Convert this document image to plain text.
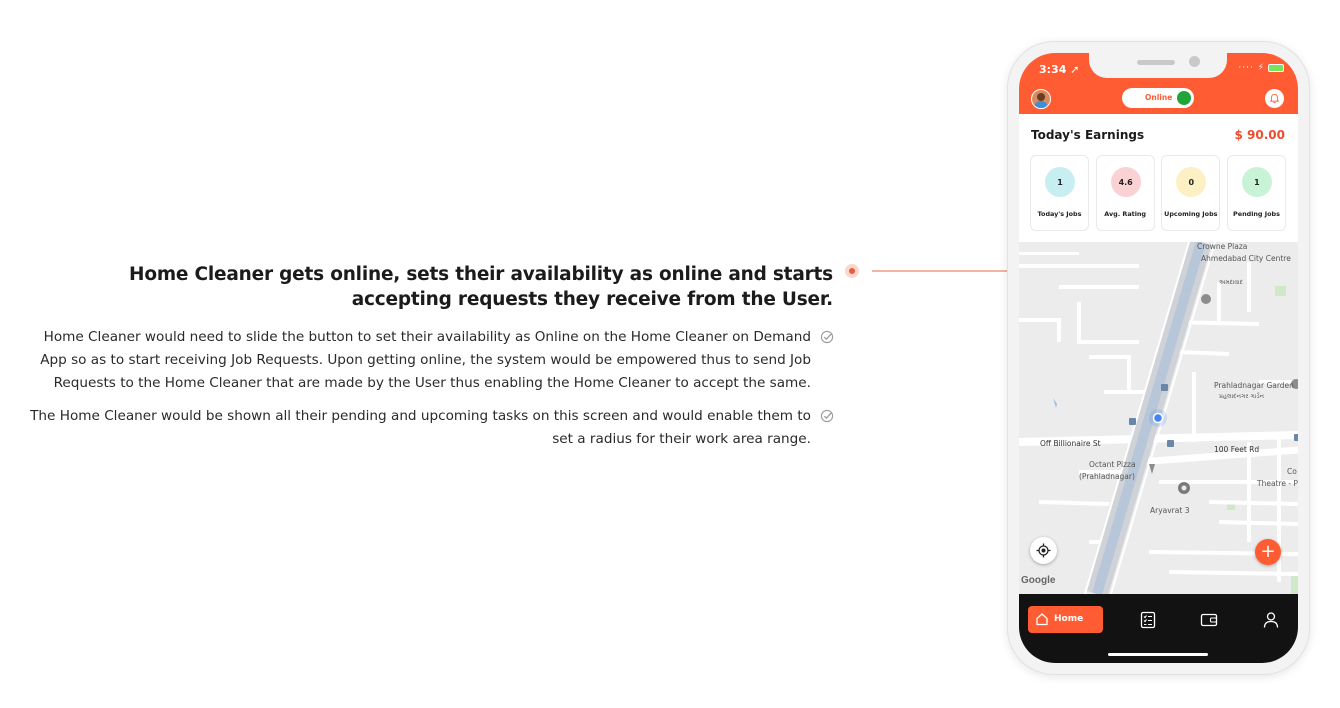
Home Cleaner gets online, sets their availability as online and starts accepting requests they receive from the User.

Home Cleaner would need to slide the button to set their availability as Online on the Home Cleaner on Demand App so as to start receiving Job Requests. Upon getting online, the system would be empowered thus to send Job Requests to the Home Cleaner that are made by the User thus enabling the Home Cleaner to accept the same.

The Home Cleaner would be shown all their pending and upcoming tasks on this screen and would enable them to set a radius for their work area range.

3:34 ➚	···· ⚡
Online
Today's Earnings	$ 90.00
1
Today's Jobs
4.6
Avg. Rating
0
Upcoming Jobs
1
Pending Jobs
Crowne Plaza
Ahmedabad City Centre
અમદાવાદ
Prahladnagar Garden
પ્રહલાદનગર ગાર્ડન
Off Billionaire St
100 Feet Rd
Octant Pizza
(Prahladnagar)
Aryavrat 3
Co
Theatre - P
+
Google
Home
